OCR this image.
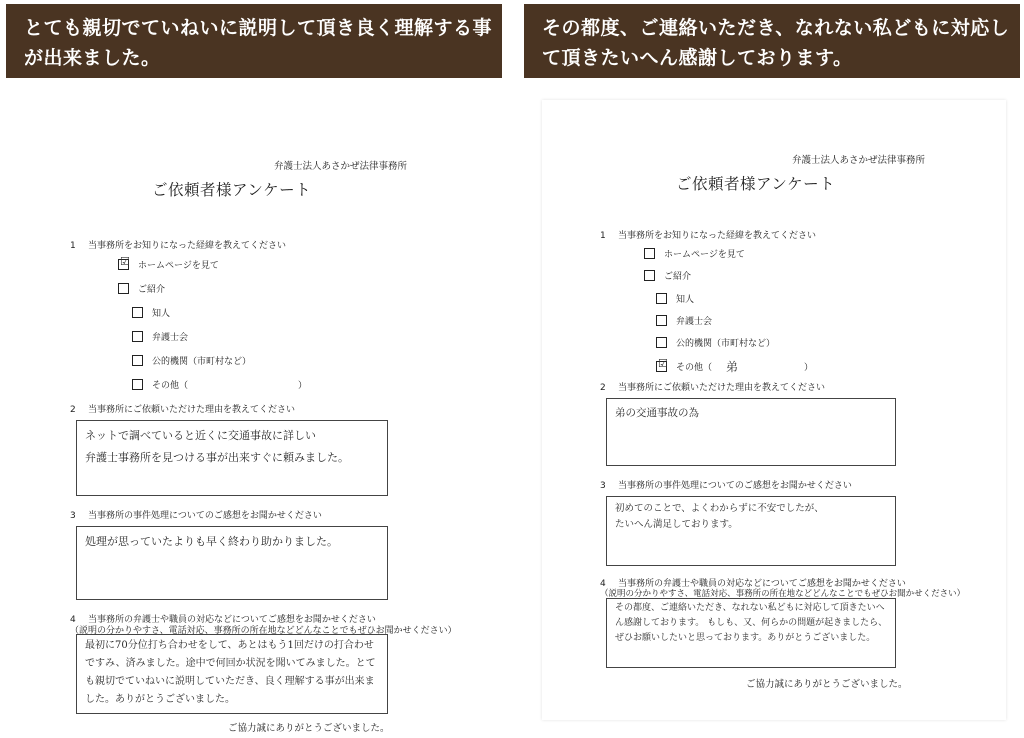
とても親切でていねいに説明して頂き良く理解する事が出来ました。
その都度、ご連絡いただき、なれない私どもに対応して頂きたいへん感謝しております。
弁護士法人あさかぜ法律事務所
ご依頼者様アンケート
1 当事務所をお知りになった経緯を教えてください
☑ ホームページを見て
ご紹介
知人
弁護士会
公的機関（市町村など）
その他（	）
2 当事務所にご依頼いただけた理由を教えてください
ネットで調べていると近くに交通事故に詳しい
弁護士事務所を見つける事が出来すぐに頼みました。
3 当事務所の事件処理についてのご感想をお聞かせください
処理が思っていたよりも早く終わり助かりました。
4 当事務所の弁護士や職員の対応などについてご感想をお聞かせください
（説明の分かりやすさ、電話対応、事務所の所在地などどんなことでもぜひお聞かせください）
最初に70分位打ち合わせをして、あとはもう1回だけの打合わせですみ、済みました。途中で何回か状況を聞いてみました。とても親切でていねいに説明していただき、良く理解する事が出来ました。ありがとうございました。
ご協力誠にありがとうございました。
弁護士法人あさかぜ法律事務所
ご依頼者様アンケート
1 当事務所をお知りになった経緯を教えてください
ホームページを見て
ご紹介
知人
弁護士会
公的機関（市町村など）
☑ その他（ 弟	）
2 当事務所にご依頼いただけた理由を教えてください
弟の交通事故の為
3 当事務所の事件処理についてのご感想をお聞かせください
初めてのことで、よくわからずに不安でしたが、
たいへん満足しております。
4 当事務所の弁護士や職員の対応などについてご感想をお聞かせください
（説明の分かりやすさ、電話対応、事務所の所在地などどんなことでもぜひお聞かせください）
その都度、ご連絡いただき、なれない私どもに対応して頂きたいへん感謝しております。 もしも、又、何らかの問題が起きましたら、ぜひお願いしたいと思っております。ありがとうございました。
ご協力誠にありがとうございました。
